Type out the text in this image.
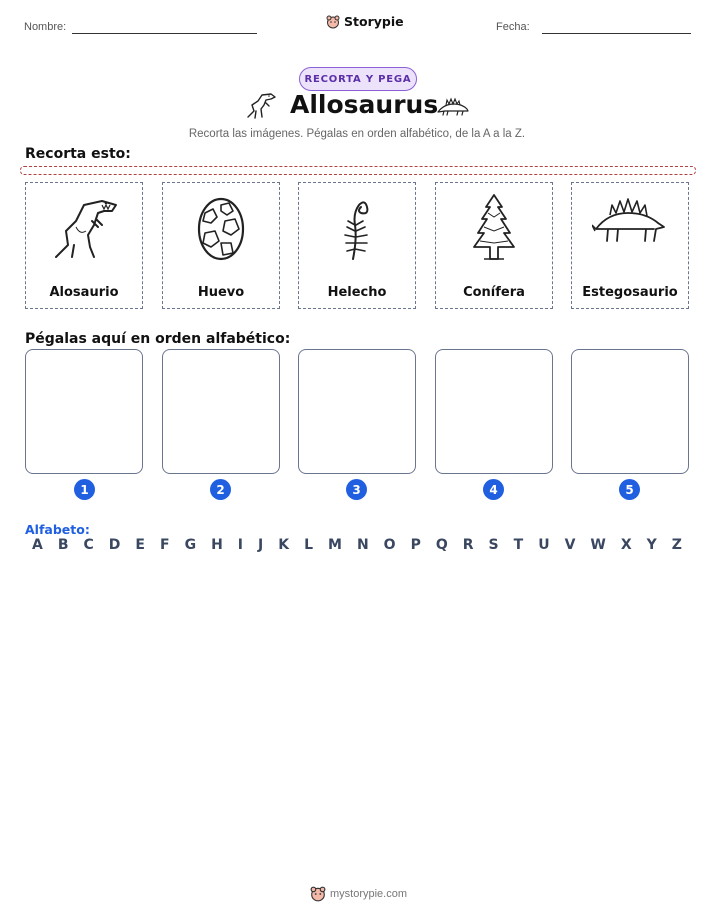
Nombre:	Storypie	Fecha:
RECORTA Y PEGA
Allosaurus
Recorta las imágenes. Pégalas en orden alfabético, de la A a la Z.
Recorta esto:
Alosaurio	Huevo	Helecho	Conífera	Estegosaurio
Pégalas aquí en orden alfabético:
1	2	3	4	5
Alfabeto:
A B C D E F G H I J K L M N O P Q R S T U V W X Y Z
mystorypie.com
